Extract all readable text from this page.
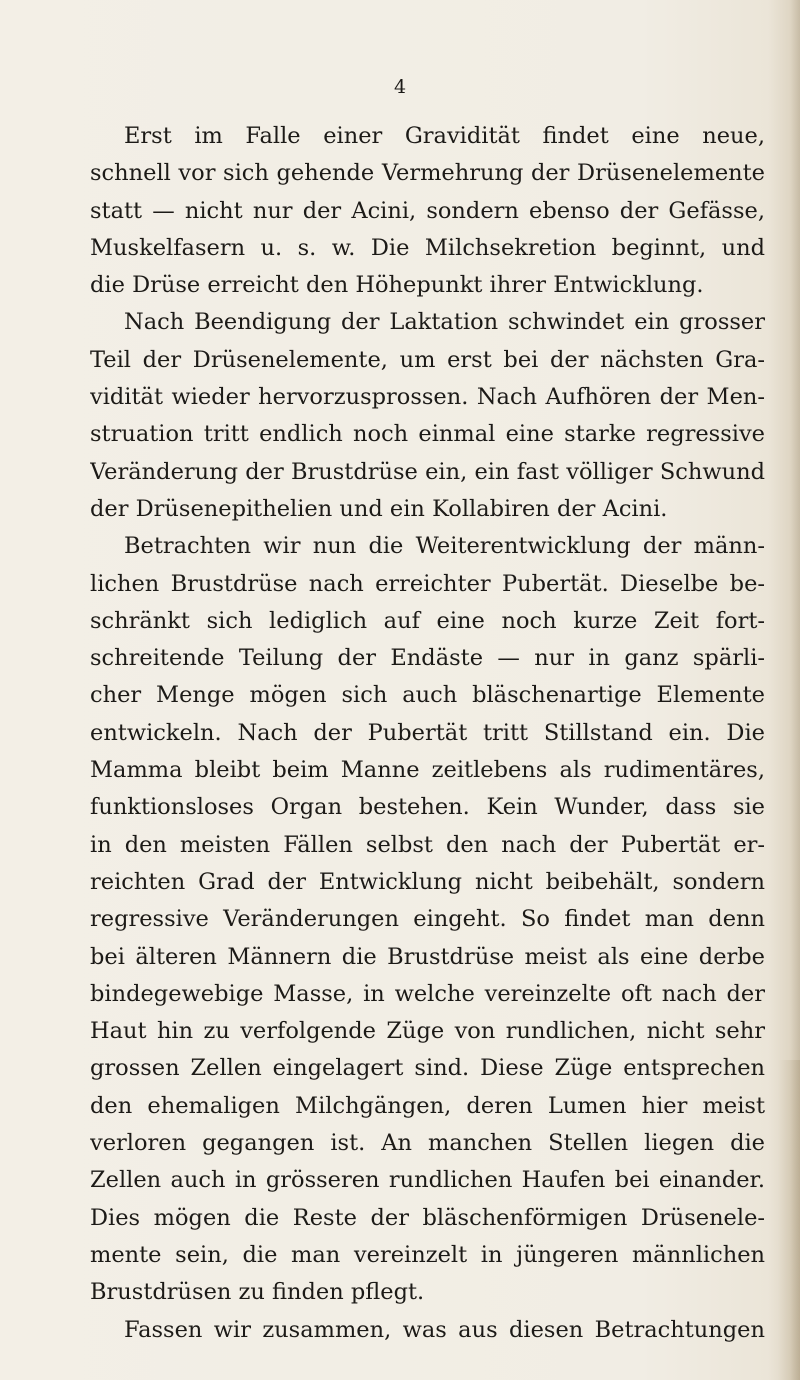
4
Erst im Falle einer Gravidität findet eine neue,
schnell vor sich gehende Vermehrung der Drüsenelemente
statt — nicht nur der Acini, sondern ebenso der Gefässe,
Muskelfasern u. s. w. Die Milchsekretion beginnt, und
die Drüse erreicht den Höhepunkt ihrer Entwicklung.
Nach Beendigung der Laktation schwindet ein grosser
Teil der Drüsenelemente, um erst bei der nächsten Gra-
vidität wieder hervorzusprossen. Nach Aufhören der Men-
struation tritt endlich noch einmal eine starke regressive
Veränderung der Brustdrüse ein, ein fast völliger Schwund
der Drüsenepithelien und ein Kollabiren der Acini.
Betrachten wir nun die Weiterentwicklung der männ-
lichen Brustdrüse nach erreichter Pubertät. Dieselbe be-
schränkt sich lediglich auf eine noch kurze Zeit fort-
schreitende Teilung der Endäste — nur in ganz spärli-
cher Menge mögen sich auch bläschenartige Elemente
entwickeln. Nach der Pubertät tritt Stillstand ein. Die
Mamma bleibt beim Manne zeitlebens als rudimentäres,
funktionsloses Organ bestehen. Kein Wunder, dass sie
in den meisten Fällen selbst den nach der Pubertät er-
reichten Grad der Entwicklung nicht beibehält, sondern
regressive Veränderungen eingeht. So findet man denn
bei älteren Männern die Brustdrüse meist als eine derbe
bindegewebige Masse, in welche vereinzelte oft nach der
Haut hin zu verfolgende Züge von rundlichen, nicht sehr
grossen Zellen eingelagert sind. Diese Züge entsprechen
den ehemaligen Milchgängen, deren Lumen hier meist
verloren gegangen ist. An manchen Stellen liegen die
Zellen auch in grösseren rundlichen Haufen bei einander.
Dies mögen die Reste der bläschenförmigen Drüsenele-
mente sein, die man vereinzelt in jüngeren männlichen
Brustdrüsen zu finden pflegt.
Fassen wir zusammen, was aus diesen Betrachtungen
